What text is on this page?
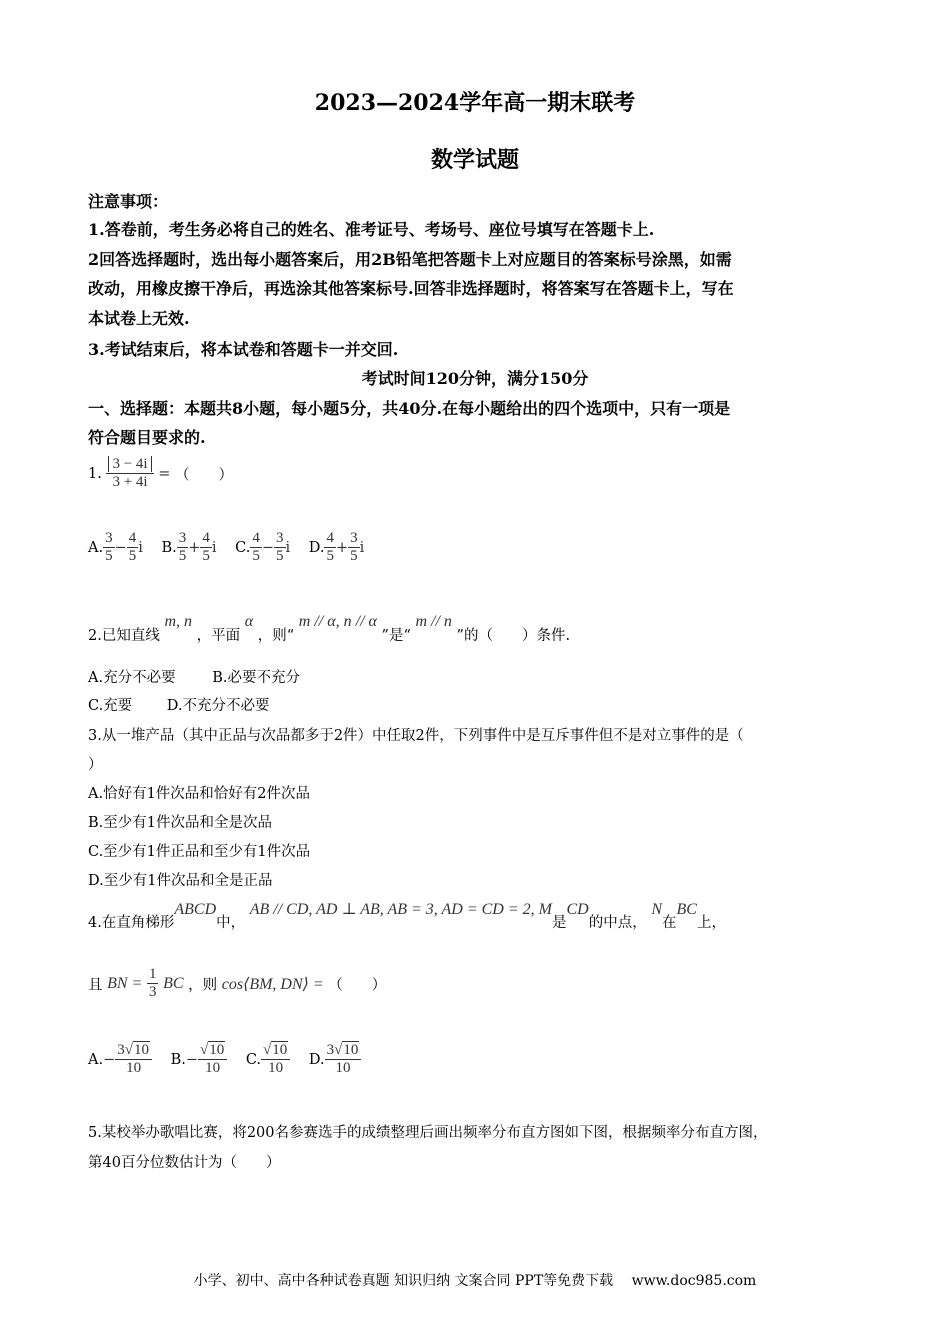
2023—2024学年高一期末联考
数学试题
注意事项：
1.答卷前，考生务必将自己的姓名、准考证号、考场号、座位号填写在答题卡上.
2回答选择题时，选出每小题答案后，用2B铅笔把答题卡上对应题目的答案标号涂黑，如需
改动，用橡皮擦干净后，再选涂其他答案标号.回答非选择题时，将答案写在答题卡上，写在
本试卷上无效.
3.考试结束后，将本试卷和答题卡一并交回.
考试时间120分钟，满分150分
一、选择题：本题共8小题，每小题5分，共40分.在每小题给出的四个选项中，只有一项是
符合题目要求的.
1. $\frac{3 - 4i}{3 + 4i}$ = （　　）
A. $\frac{3}{5} - \frac{4}{5}$ i B. $\frac{3}{5} + \frac{4}{5}$ i C. $\frac{4}{5} - \frac{3}{5}$ i D. $\frac{4}{5} + \frac{3}{5}$ i
2.已知直线 m, n ，平面 α ，则“ m // α, n // α ”是“ m // n ”的（　　）条件.
A.充分不必要	B.必要不充分
C.充要 D.不充分不必要
3.从一堆产品（其中正品与次品都多于2件）中任取2件，下列事件中是互斥事件但不是对立事件的是（
）
A.恰好有1件次品和恰好有2件次品
B.至少有1件次品和全是次品
C.至少有1件正品和至少有1件次品
D.至少有1件次品和全是正品
4.在直角梯形ABCD中， AB // CD, AD ⊥ AB, AB = 3, AD = CD = 2, M是CD的中点， N在BC上，
且 BN = $\frac{1}{3}$ BC ，则 cos⟨BM, DN⟩ = （　　）
$A.- \frac{3√10}{10} B.- \frac{√10}{10} C$. $\frac{√10}{10} D$. $\frac{3√10}{10}$
5.某校举办歌唱比赛，将200名参赛选手的成绩整理后画出频率分布直方图如下图，根据频率分布直方图，
第40百分位数估计为（　　）
小学、初中、高中各种试卷真题 知识归纳 文案合同 PPT等免费下载　 www.doc985.com
